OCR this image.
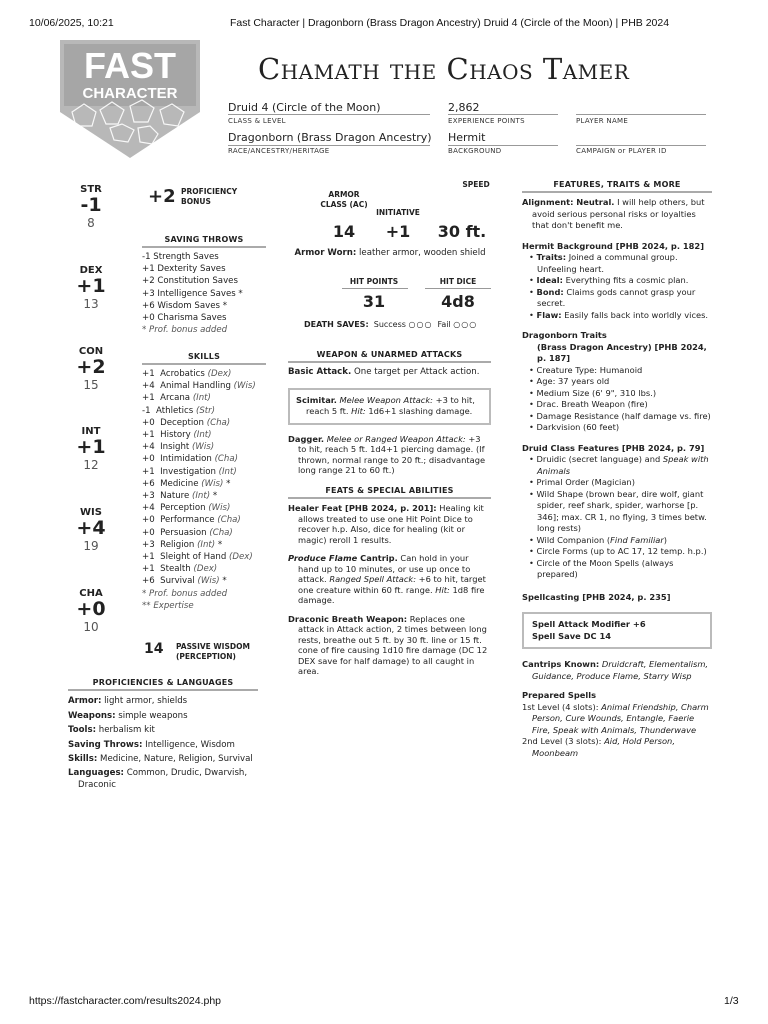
10/06/2025, 10:21	Fast Character | Dragonborn (Brass Dragon Ancestry) Druid 4 (Circle of the Moon) | PHB 2024
https://fastcharacter.com/results2024.php	1/3
FAST
CHARACTER
Chamath the Chaos Tamer
Druid 4 (Circle of the Moon)
CLASS & LEVEL
2,862
EXPERIENCE POINTS	PLAYER NAME
Dragonborn (Brass Dragon Ancestry)
RACE/ANCESTRY/HERITAGE
Hermit
BACKGROUND	CAMPAIGN or PLAYER ID
STR
-1
8
DEX
+1
13
CON
+2
15
INT
+1
12
WIS
+4
19
CHA
+0
10
+2 PROFICIENCY
BONUS
SAVING THROWS
-1 Strength Saves
+1 Dexterity Saves
+2 Constitution Saves
+3 Intelligence Saves *
+6 Wisdom Saves *
+0 Charisma Saves
* Prof. bonus added
SKILLS
+1 Acrobatics (Dex)
+4 Animal Handling (Wis)
+1 Arcana (Int)
-1 Athletics (Str)
+0 Deception (Cha)
+1 History (Int)
+4 Insight (Wis)
+0 Intimidation (Cha)
+1 Investigation (Int)
+6 Medicine (Wis) *
+3 Nature (Int) *
+4 Perception (Wis)
+0 Performance (Cha)
+0 Persuasion (Cha)
+3 Religion (Int) *
+1 Sleight of Hand (Dex)
+1 Stealth (Dex)
+6 Survival (Wis) *
* Prof. bonus added
** Expertise
14 PASSIVE WISDOM
(PERCEPTION)
PROFICIENCIES & LANGUAGES
Armor: light armor, shields
Weapons: simple weapons
Tools: herbalism kit
Saving Throws: Intelligence, Wisdom
Skills: Medicine, Nature, Religion, Survival
Languages: Common, Drudic, Dwarvish, Draconic
ARMOR CLASS (AC)
14
INITIATIVE
+1
SPEED
30 ft.
Armor Worn: leather armor, wooden shield
HIT POINTS
31
HIT DICE
4d8
DEATH SAVES: Success ○○○ Fail ○○○
WEAPON & UNARMED ATTACKS
Basic Attack. One target per Attack action.
Scimitar. Melee Weapon Attack: +3 to hit, reach 5 ft. Hit: 1d6+1 slashing damage.
Dagger. Melee or Ranged Weapon Attack: +3 to hit, reach 5 ft. 1d4+1 piercing damage. (If thrown, normal range to 20 ft.; disadvantage long range 21 to 60 ft.)
FEATS & SPECIAL ABILITIES
Healer Feat [PHB 2024, p. 201]: Healing kit allows treated to use one Hit Point Dice to recover h.p. Also, dice for healing (kit or magic) reroll 1 results.
Produce Flame Cantrip. Can hold in your hand up to 10 minutes, or use up once to attack. Ranged Spell Attack: +6 to hit, target one creature within 60 ft. range. Hit: 1d8 fire damage.
Draconic Breath Weapon: Replaces one attack in Attack action, 2 times between long rests, breathe out 5 ft. by 30 ft. line or 15 ft. cone of fire causing 1d10 fire damage (DC 12 DEX save for half damage) to all caught in area.
FEATURES, TRAITS & MORE
Alignment: Neutral. I will help others, but avoid serious personal risks or loyalties that don't benefit me.
Hermit Background [PHB 2024, p. 182]
• Traits: Joined a communal group. Unfeeling heart.
• Ideal: Everything fits a cosmic plan.
• Bond: Claims gods cannot grasp your secret.
• Flaw: Easily falls back into worldly vices.
Dragonborn Traits
(Brass Dragon Ancestry) [PHB 2024, p. 187]
• Creature Type: Humanoid
• Age: 37 years old
• Medium Size (6' 9", 310 lbs.)
• Drac. Breath Weapon (fire)
• Damage Resistance (half damage vs. fire)
• Darkvision (60 feet)
Druid Class Features [PHB 2024, p. 79]
• Druidic (secret language) and Speak with Animals
• Primal Order (Magician)
• Wild Shape (brown bear, dire wolf, giant spider, reef shark, spider, warhorse [p. 346]; max. CR 1, no flying, 3 times betw. long rests)
• Wild Companion (Find Familiar)
• Circle Forms (up to AC 17, 12 temp. h.p.)
• Circle of the Moon Spells (always prepared)
Spellcasting [PHB 2024, p. 235]
Spell Attack Modifier +6
Spell Save DC 14
Cantrips Known: Druidcraft, Elementalism, Guidance, Produce Flame, Starry Wisp
Prepared Spells
1st Level (4 slots): Animal Friendship, Charm Person, Cure Wounds, Entangle, Faerie Fire, Speak with Animals, Thunderwave
2nd Level (3 slots): Aid, Hold Person, Moonbeam
